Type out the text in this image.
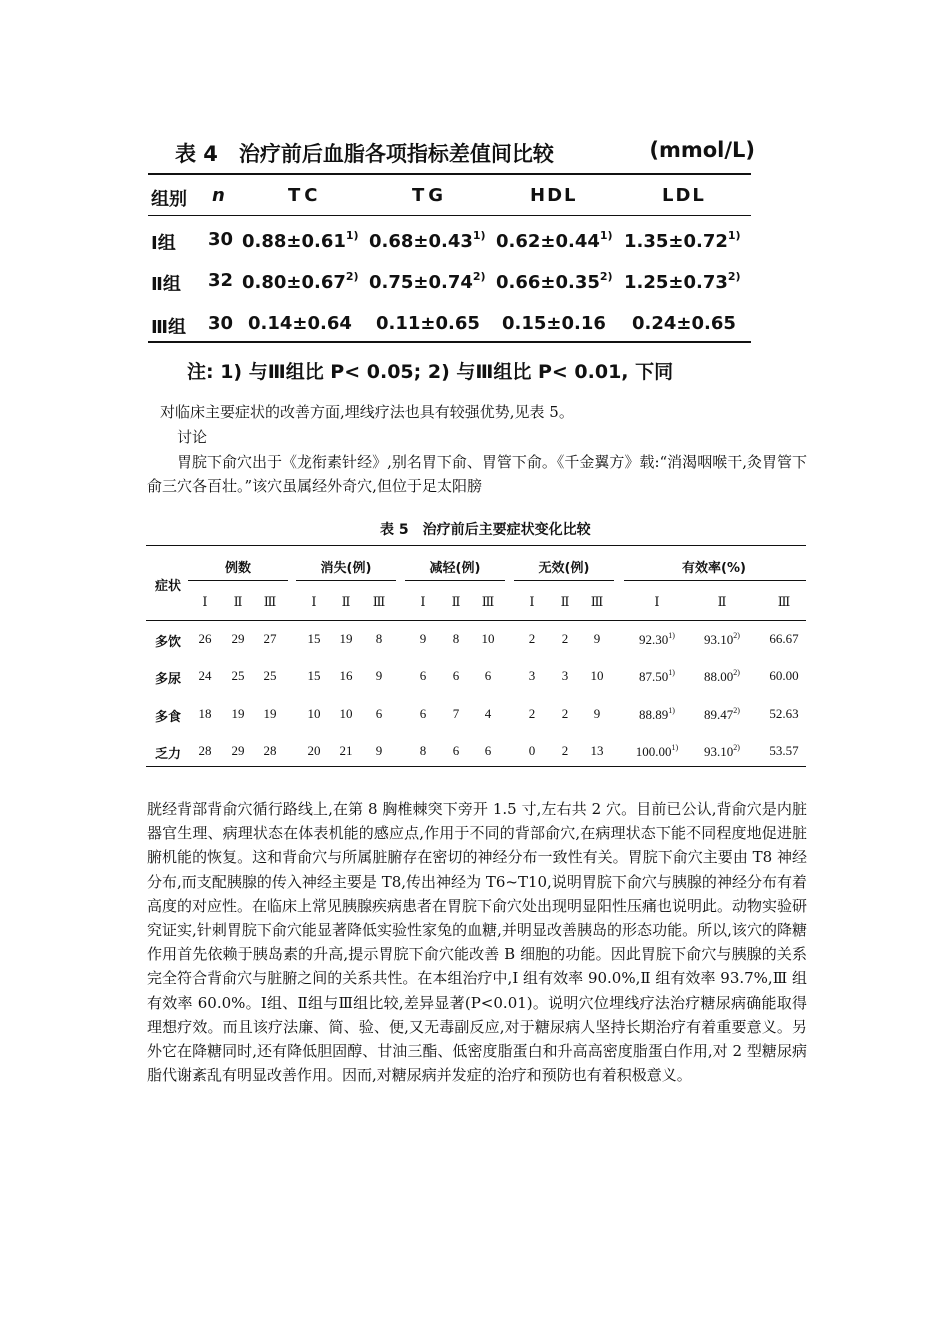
表 4　治疗前后血脂各项指标差值间比较	(mmol/L)
组别 n	TC	TG	HDL	LDL
Ⅰ组 30 $0.88\pm 0.61^{1)}$ $0.68\pm 0.43^{1)}$ $0.62\pm 0.44^{1)}$ $1.35\pm 0.72^{1)}$
Ⅱ组 32 $0.80\pm 0.67^{2)}$ $0.75\pm 0.74^{2)}$ $0.66\pm 0.35^{2)}$ $1.25\pm 0.73^{2)}$
Ⅲ组 30 0.14±0.64 0.11±0.65 0.15±0.16 0.24±0.65
注: 1) 与Ⅲ组比 P< 0.05; 2) 与Ⅲ组比 P< 0.01, 下同
对临床主要症状的改善方面,埋线疗法也具有较强优势,见表 5。
讨论
胃脘下俞穴出于《龙衔素针经》,别名胃下俞、胃管下俞。《千金翼方》载:“消渴咽喉干,灸胃管下俞三穴各百壮。”该穴虽属经外奇穴,但位于足太阳膀
表 5　治疗前后主要症状变化比较
症状
例数	消失(例)	减轻(例)	无效(例)	有效率(%)
Ⅰ	Ⅱ	Ⅲ	Ⅰ	Ⅱ	Ⅲ	Ⅰ	Ⅱ	Ⅲ	Ⅰ	Ⅱ	Ⅲ	Ⅰ	Ⅱ	Ⅲ
多饮	26	29	27	15	19	8	9	8	10	2	2	9	92.30$^{1)}$	93.10$^{2)}$	66.67
多尿	24	25	25	15	16	9	6	6	6	3	3	10	87.50$^{1)}$	88.00$^{2)}$	60.00
多食	18	19	19	10	10	6	6	7	4	2	2	9	88.89$^{1)}$	89.47$^{2)}$	52.63
乏力	28	29	28	20	21	9	8	6	6	0	2	13	100.00$^{1)}$	93.10$^{2)}$	53.57
胱经背部背俞穴循行路线上,在第 8 胸椎棘突下旁开 1.5 寸,左右共 2 穴。目前已公认,背俞穴是内脏器官生理、病理状态在体表机能的感应点,作用于不同的背部俞穴,在病理状态下能不同程度地促进脏腑机能的恢复。这和背俞穴与所属脏腑存在密切的神经分布一致性有关。胃脘下俞穴主要由 T8 神经分布,而支配胰腺的传入神经主要是 T8,传出神经为 T6~T10,说明胃脘下俞穴与胰腺的神经分布有着高度的对应性。在临床上常见胰腺疾病患者在胃脘下俞穴处出现明显阳性压痛也说明此。动物实验研究证实,针刺胃脘下俞穴能显著降低实验性家兔的血糖,并明显改善胰岛的形态功能。所以,该穴的降糖作用首先依赖于胰岛素的升高,提示胃脘下俞穴能改善 B 细胞的功能。因此胃脘下俞穴与胰腺的关系完全符合背俞穴与脏腑之间的关系共性。在本组治疗中,Ⅰ 组有效率 90.0%,Ⅱ 组有效率 93.7%,Ⅲ 组有效率 60.0%。Ⅰ组、Ⅱ组与Ⅲ组比较,差异显著(P<0.01)。说明穴位埋线疗法治疗糖尿病确能取得理想疗效。而且该疗法廉、简、验、便,又无毒副反应,对于糖尿病人坚持长期治疗有着重要意义。另外它在降糖同时,还有降低胆固醇、甘油三酯、低密度脂蛋白和升高高密度脂蛋白作用,对 2 型糖尿病脂代谢紊乱有明显改善作用。因而,对糖尿病并发症的治疗和预防也有着积极意义。
